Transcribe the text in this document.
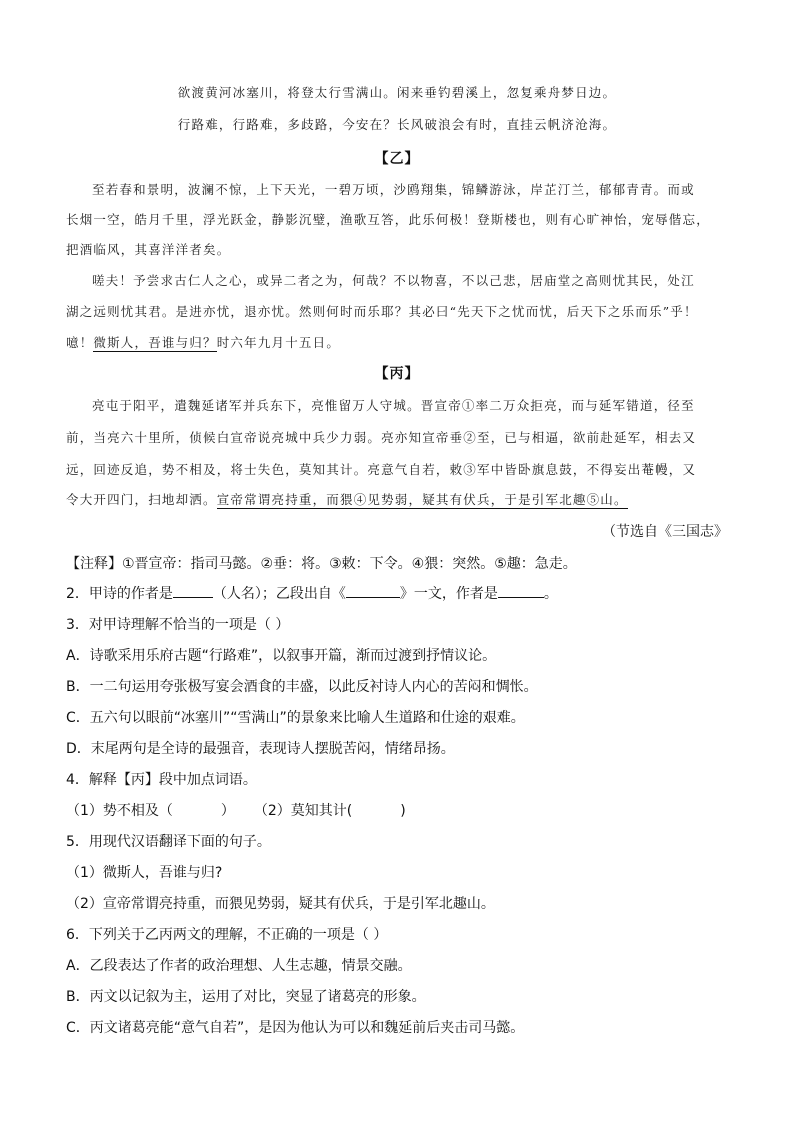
欲渡黄河冰塞川，将登太行雪满山。闲来垂钓碧溪上，忽复乘舟梦日边。
行路难，行路难，多歧路，今安在？长风破浪会有时，直挂云帆济沧海。
【乙】
至若春和景明，波澜不惊，上下天光，一碧万顷，沙鸥翔集，锦鳞游泳，岸芷汀兰，郁郁青青。而或
长烟一空，皓月千里，浮光跃金，静影沉璧，渔歌互答，此乐何极！登斯楼也，则有心旷神怡，宠辱偕忘，
把酒临风，其喜洋洋者矣。
嗟夫！予尝求古仁人之心，或异二者之为，何哉？不以物喜，不以己悲，居庙堂之高则忧其民，处江
湖之远则忧其君。是进亦忧，退亦忧。然则何时而乐耶？其必曰“先天下之忧而忧，后天下之乐而乐”乎！
噫！微斯人，吾谁与归？时六年九月十五日。
【丙】
亮屯于阳平，遣魏延诸军并兵东下，亮惟留万人守城。晋宣帝①率二万众拒亮，而与延军错道，径至
前，当亮六十里所，侦候白宣帝说亮城中兵少力弱。亮亦知宣帝垂②至，已与相逼，欲前赴延军，相去又
远，回迹反追，势不相及，将士失色，莫知其计。亮意气自若，敕③军中皆卧旗息鼓，不得妄出菴幔，又
令大开四门，扫地却洒。宣帝常谓亮持重，而猥④见势弱，疑其有伏兵，于是引军北趣⑤山。
（节选自《三国志》
【注释】①晋宣帝：指司马懿。②垂：将。③敕：下令。④猥：突然。⑤趣：急走。
2．甲诗的作者是	（人名）；乙段出自《	》一文，作者是	。
3．对甲诗理解不恰当的一项是（ ）
A．诗歌采用乐府古题“行路难”，以叙事开篇，渐而过渡到抒情议论。
B．一二句运用夸张极写宴会酒食的丰盛，以此反衬诗人内心的苦闷和惆怅。
C．五六句以眼前“冰塞川”“雪满山”的景象来比喻人生道路和仕途的艰难。
D．末尾两句是全诗的最强音，表现诗人摆脱苦闷，情绪昂扬。
4．解释【丙】段中加点词语。
（1）势不相及（	） （2）莫知其计(	)
5．用现代汉语翻译下面的句子。
（1）微斯人，吾谁与归?
（2）宣帝常谓亮持重，而猥见势弱，疑其有伏兵，于是引军北趣山。
6．下列关于乙丙两文的理解，不正确的一项是（ ）
A．乙段表达了作者的政治理想、人生志趣，情景交融。
B．丙文以记叙为主，运用了对比，突显了诸葛亮的形象。
C．丙文诸葛亮能“意气自若”，是因为他认为可以和魏延前后夹击司马懿。
